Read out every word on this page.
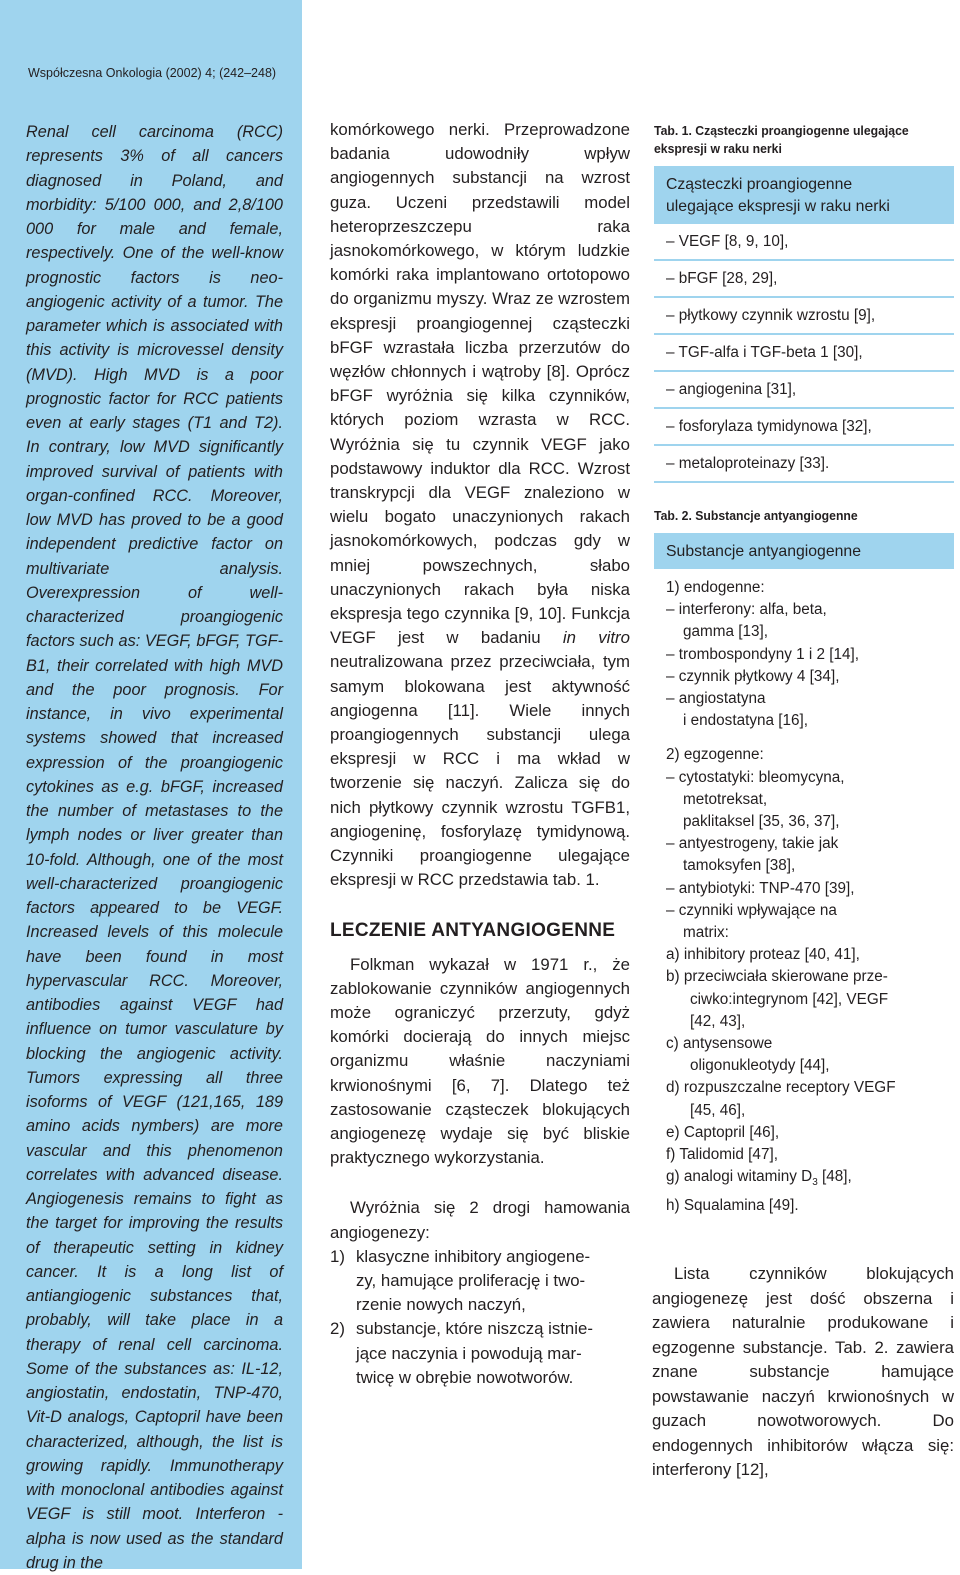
Współczesna Onkologia (2002) 4; (242–248)
Renal cell carcinoma (RCC) represents 3% of all cancers diagnosed in Poland, and morbidity: 5/100 000, and 2,8/100 000 for male and female, respectively. One of the well-know prognostic factors is neo-angiogenic activity of a tumor. The parameter which is associated with this activity is microvessel density (MVD). High MVD is a poor prognostic factor for RCC patients even at early stages (T1 and T2). In contrary, low MVD significantly improved survival of patients with organ-confined RCC. Moreover, low MVD has proved to be a good independent predictive factor on multivariate analysis. Overexpression of well- characterized proangiogenic factors such as: VEGF, bFGF, TGF-B1, their correlated with high MVD and the poor prognosis. For instance, in vivo experimental systems showed that increased expression of the proangiogenic cytokines as e.g. bFGF, increased the number of metastases to the lymph nodes or liver greater than 10-fold. Although, one of the most well-characterized proangiogenic factors appeared to be VEGF. Increased levels of this molecule have been found in most hypervascular RCC. Moreover, antibodies against VEGF had influence on tumor vasculature by blocking the angiogenic activity. Tumors expressing all three isoforms of VEGF (121,165, 189 amino acids nymbers) are more vascular and this phenomenon correlates with advanced disease. Angiogenesis remains to fight as the target for improving the results of therapeutic setting in kidney cancer. It is a long list of antiangiogenic substances that, probably, will take place in a therapy of renal cell carcinoma. Some of the substances as: IL-12, angiostatin, endostatin, TNP-470, Vit-D analogs, Captopril have been characterized, although, the list is growing rapidly. Immunotherapy with monoclonal antibodies against VEGF is still moot. Interferon - alpha is now used as the standard drug in the

komórkowego nerki. Przeprowadzone badania udowodniły wpływ angiogennych substancji na wzrost guza. Uczeni przedstawili model heteroprzeszczepu raka jasnokomórkowego, w którym ludzkie komórki raka implantowano ortotopowo do organizmu myszy. Wraz ze wzrostem ekspresji proangiogennej cząsteczki bFGF wzrastała liczba przerzutów do węzłów chłonnych i wątroby [8]. Oprócz bFGF wyróżnia się kilka czynników, których poziom wzrasta w RCC. Wyróżnia się tu czynnik VEGF jako podstawowy induktor dla RCC. Wzrost transkrypcji dla VEGF znaleziono w wielu bogato unaczynionych rakach jasnokomórkowych, podczas gdy w mniej powszechnych, słabo unaczynionych rakach była niska ekspresja tego czynnika [9, 10]. Funkcja VEGF jest w badaniu in vitro neutralizowana przez przeciwciała, tym samym blokowana jest aktywność angiogenna [11]. Wiele innych proangiogennych substancji ulega ekspresji w RCC i ma wkład w tworzenie się naczyń. Zalicza się do nich płytkowy czynnik wzrostu TGFB1, angiogeninę, fosforylazę tymidynową. Czynniki proangiogenne ulegające ekspresji w RCC przedstawia tab. 1.

LECZENIE ANTYANGIOGENNE

Folkman wykazał w 1971 r., że zablokowanie czynników angiogennych może ograniczyć przerzuty, gdyż komórki docierają do innych miejsc organizmu właśnie naczyniami krwionośnymi [6, 7]. Dlatego też zastosowanie cząsteczek blokujących angiogenezę wydaje się być bliskie praktycznego wykorzystania.

Wyróżnia się 2 drogi hamowania angiogenezy:

1) klasyczne inhibitory angiogene-
zy, hamujące proliferację i two-
rzenie nowych naczyń,
2) substancje, które niszczą istnie-
jące naczynia i powodują mar-
twicę w obrębie nowotworów.
Tab. 1. Cząsteczki proangiogenne ulegające
ekspresji w raku nerki
Cząsteczki proangiogenne
ulegające ekspresji w raku nerki
– VEGF [8, 9, 10],
– bFGF [28, 29],
– płytkowy czynnik wzrostu [9],
– TGF-alfa i TGF-beta 1 [30],
– angiogenina [31],
– fosforylaza tymidynowa [32],
– metaloproteinazy [33].
Tab. 2. Substancje antyangiogenne
Substancje antyangiogenne
1) endogenne:
– interferony: alfa, beta,
gamma [13],
– trombospondyny 1 i 2 [14],
– czynnik płytkowy 4 [34],
– angiostatyna
i endostatyna [16],
2) egzogenne:
– cytostatyki: bleomycyna,
metotreksat,
paklitaksel [35, 36, 37],
– antyestrogeny, takie jak
tamoksyfen [38],
– antybiotyki: TNP-470 [39],
– czynniki wpływające na
matrix:
a) inhibitory proteaz [40, 41],
b) przeciwciała skierowane prze-
ciwko:integrynom [42], VEGF
[42, 43],
c) antysensowe
oligonukleotydy [44],
d) rozpuszczalne receptory VEGF
[45, 46],
e) Captopril [46],
f) Talidomid [47],
g) analogi witaminy $D_3$ [48],
h) Squalamina [49].

Lista czynników blokujących angiogenezę jest dość obszerna i zawiera naturalnie produkowane i egzogenne substancje. Tab. 2. zawiera znane substancje hamujące powstawanie naczyń krwionośnych w guzach nowotworowych. Do endogennych inhibitorów włącza się: interferony [12],
